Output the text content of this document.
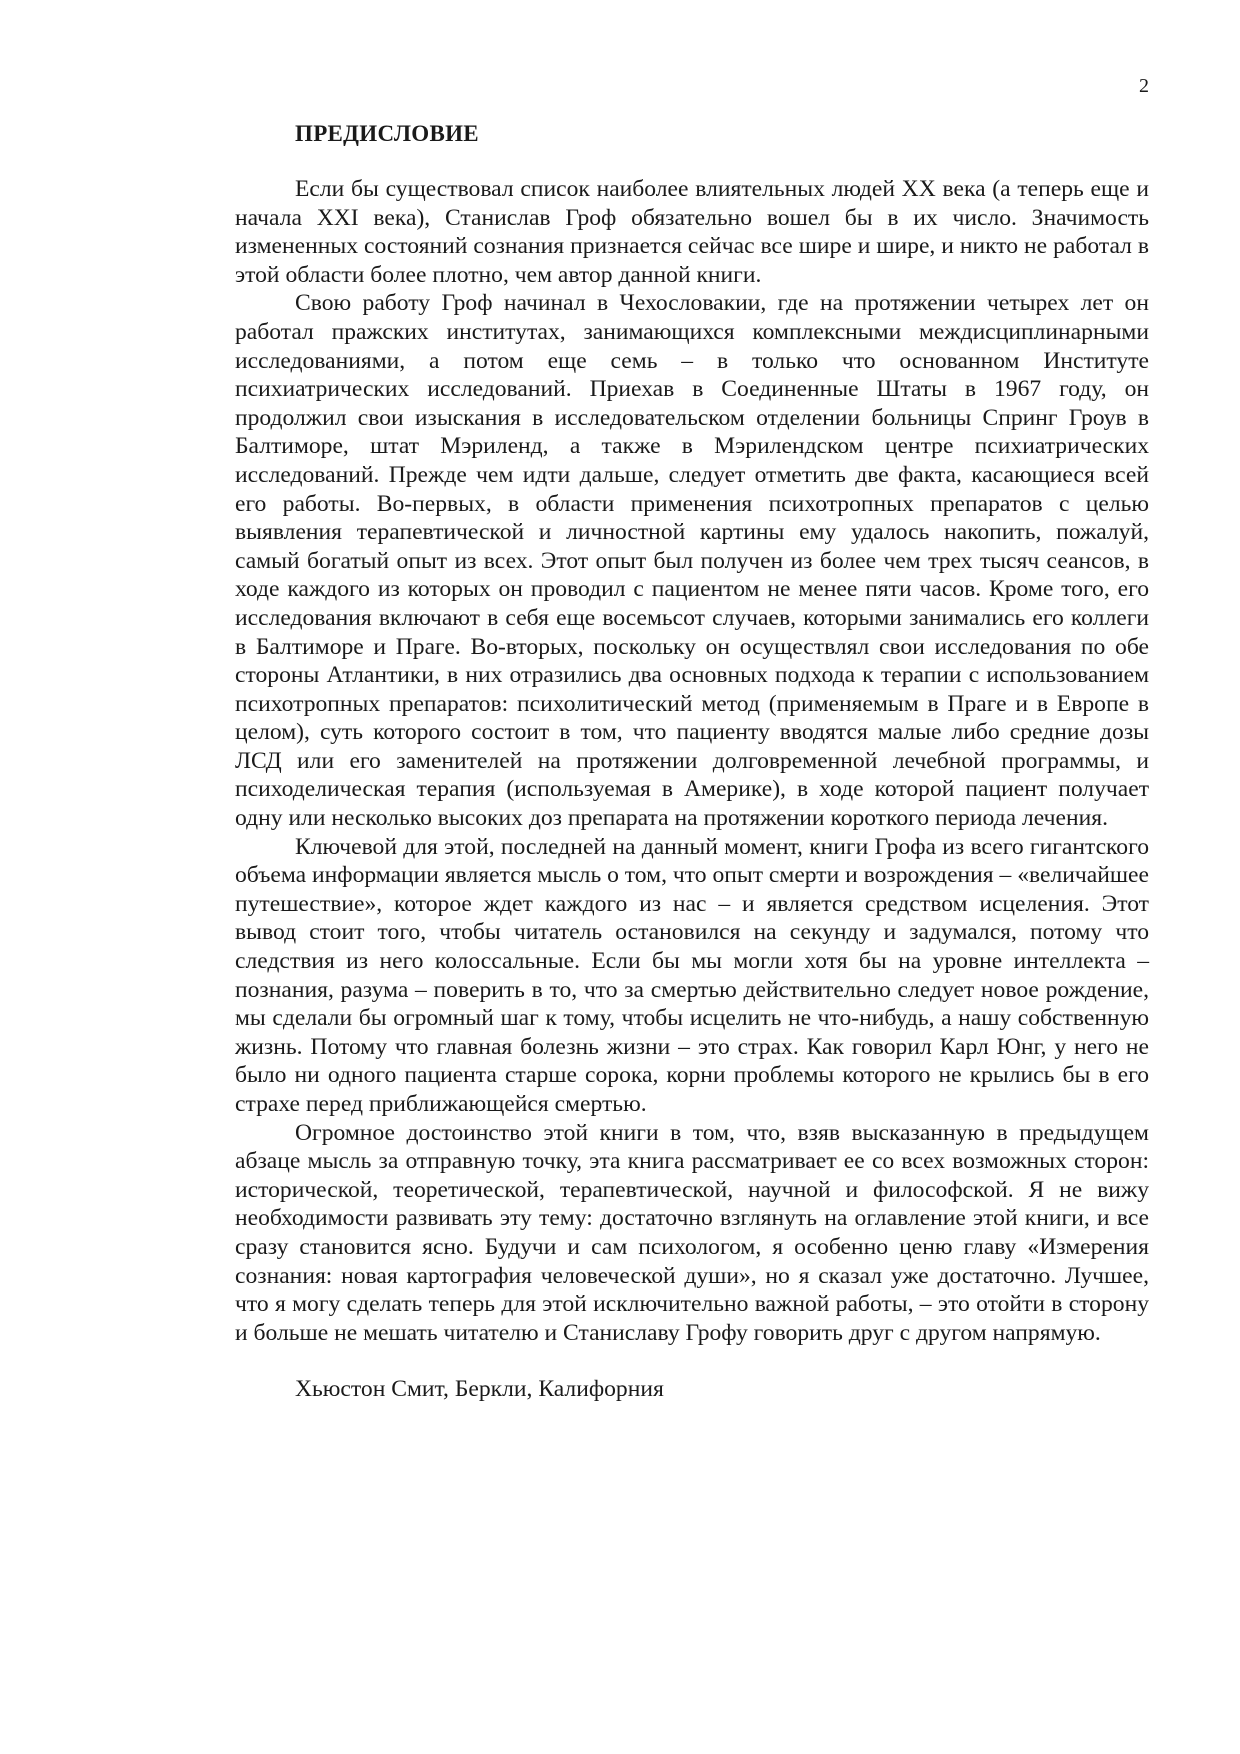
2
ПРЕДИСЛОВИЕ

Если бы существовал список наиболее влиятельных людей XX века (а теперь еще и начала XXI века), Станислав Гроф обязательно вошел бы в их число. Значимость измененных состояний сознания признается сейчас все шире и шире, и никто не работал в этой области более плотно, чем автор данной книги.

Свою работу Гроф начинал в Чехословакии, где на протяжении четырех лет он работал пражских институтах, занимающихся комплексными междисциплинарными исследованиями, а потом еще семь – в только что основанном Институте психиатрических исследований. Приехав в Соединенные Штаты в 1967 году, он продолжил свои изыскания в исследовательском отделении больницы Спринг Гроув в Балтиморе, штат Мэриленд, а также в Мэрилендском центре психиатрических исследований. Прежде чем идти дальше, следует отметить две факта, касающиеся всей его работы. Во-первых, в области применения психотропных препаратов с целью выявления терапевтической и личностной картины ему удалось накопить, пожалуй, самый богатый опыт из всех. Этот опыт был получен из более чем трех тысяч сеансов, в ходе каждого из которых он проводил с пациентом не менее пяти часов. Кроме того, его исследования включают в себя еще восемьсот случаев, которыми занимались его коллеги в Балтиморе и Праге. Во-вторых, поскольку он осуществлял свои исследования по обе стороны Атлантики, в них отразились два основных подхода к терапии с использованием психотропных препаратов: психолитический метод (применяемым в Праге и в Европе в целом), суть которого состоит в том, что пациенту вводятся малые либо средние дозы ЛСД или его заменителей на протяжении долговременной лечебной программы, и психоделическая терапия (используемая в Америке), в ходе которой пациент получает одну или несколько высоких доз препарата на протяжении короткого периода лечения.

Ключевой для этой, последней на данный момент, книги Грофа из всего гигантского объема информации является мысль о том, что опыт смерти и возрождения – «величайшее путешествие», которое ждет каждого из нас – и является средством исцеления. Этот вывод стоит того, чтобы читатель остановился на секунду и задумался, потому что следствия из него колоссальные. Если бы мы могли хотя бы на уровне интеллекта – познания, разума – поверить в то, что за смертью действительно следует новое рождение, мы сделали бы огромный шаг к тому, чтобы исцелить не что-нибудь, а нашу собственную жизнь. Потому что главная болезнь жизни – это страх. Как говорил Карл Юнг, у него не было ни одного пациента старше сорока, корни проблемы которого не крылись бы в его страхе перед приближающейся смертью.

Огромное достоинство этой книги в том, что, взяв высказанную в предыдущем абзаце мысль за отправную точку, эта книга рассматривает ее со всех возможных сторон: исторической, теоретической, терапевтической, научной и философской. Я не вижу необходимости развивать эту тему: достаточно взглянуть на оглавление этой книги, и все сразу становится ясно. Будучи и сам психологом, я особенно ценю главу «Измерения сознания: новая картография человеческой души», но я сказал уже достаточно. Лучшее, что я могу сделать теперь для этой исключительно важной работы, – это отойти в сторону и больше не мешать читателю и Станиславу Грофу говорить друг с другом напрямую.

Хьюстон Смит, Беркли, Калифорния
